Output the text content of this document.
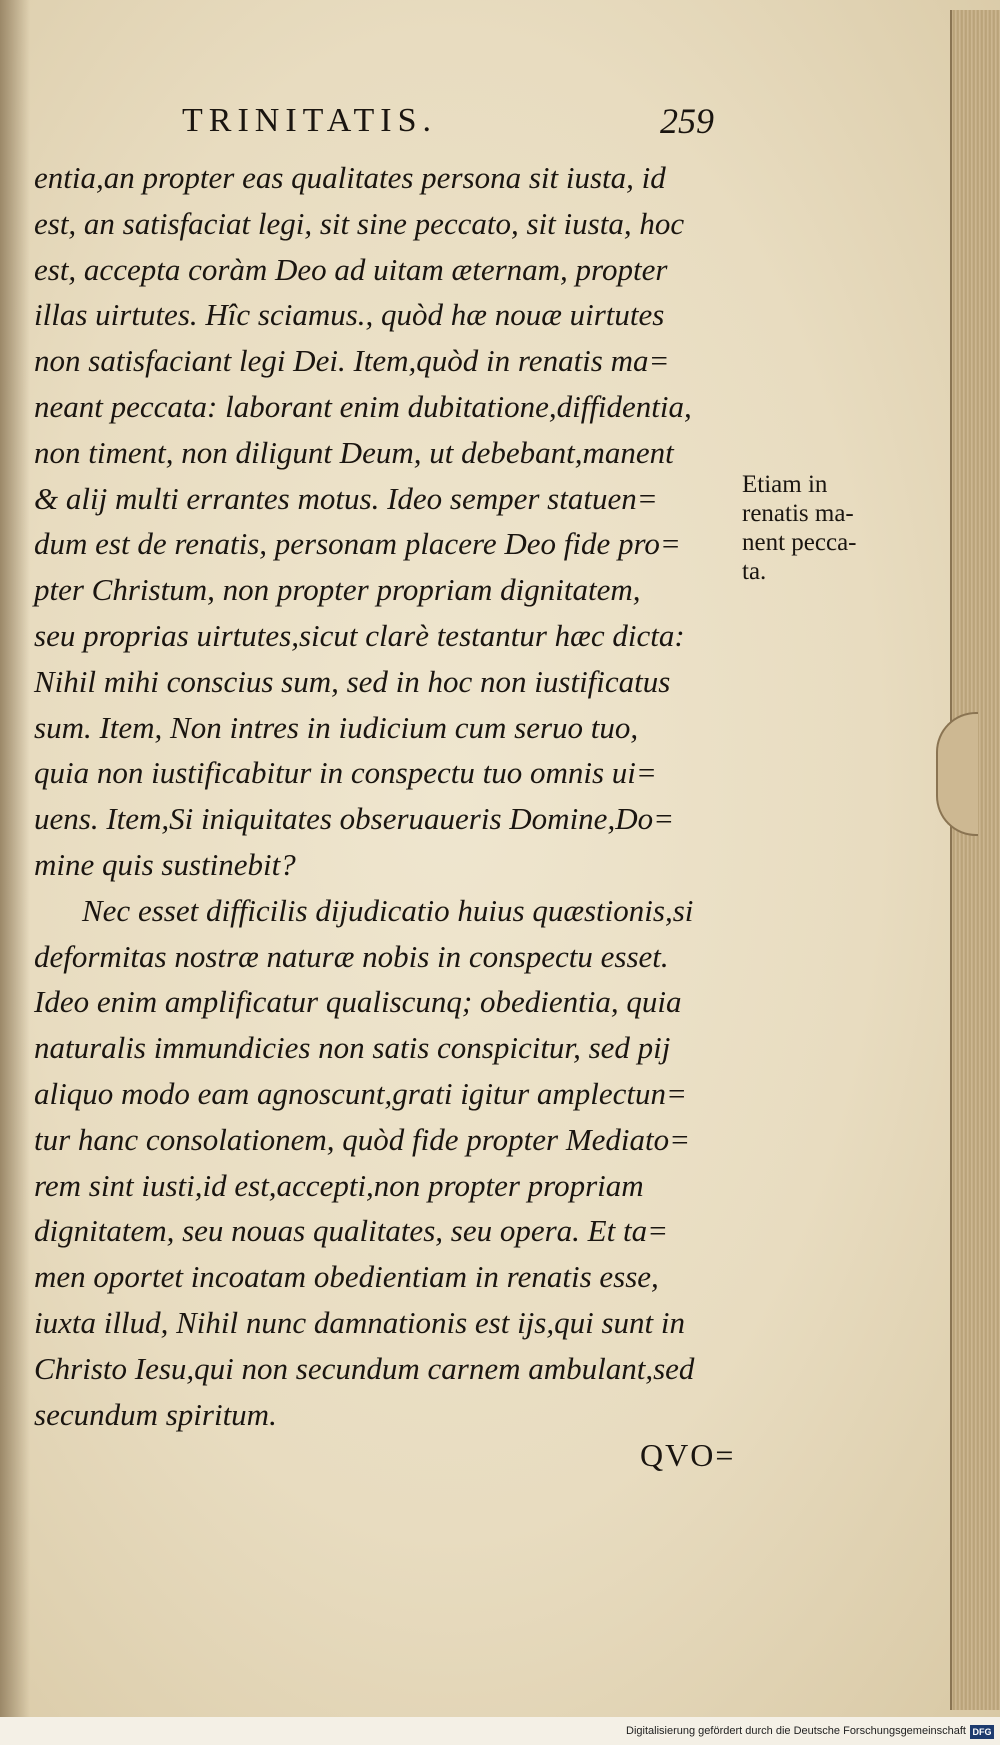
TRINITATIS.	259
entia,an propter eas qualitates persona sit iusta, id
est, an satisfaciat legi, sit sine peccato, sit iusta, hoc
est, accepta coràm Deo ad uitam æternam, propter
illas uirtutes. Hîc sciamus., quòd hæ nouæ uirtutes
non satisfaciant legi Dei. Item,quòd in renatis ma=
neant peccata: laborant enim dubitatione,diffidentia,
non timent, non diligunt Deum, ut debebant,manent
& alij multi errantes motus. Ideo semper statuen=
dum est de renatis, personam placere Deo fide pro=
pter Christum, non propter propriam dignitatem,
seu proprias uirtutes,sicut clarè testantur hæc dicta:
Nihil mihi conscius sum, sed in hoc non iustificatus
sum. Item, Non intres in iudicium cum seruo tuo,
quia non iustificabitur in conspectu tuo omnis ui=
uens. Item,Si iniquitates obseruaueris Domine,Do=
mine quis sustinebit?
Nec esset difficilis dijudicatio huius quæstionis,si
deformitas nostræ naturæ nobis in conspectu esset.
Ideo enim amplificatur qualiscunq; obedientia, quia
naturalis immundicies non satis conspicitur, sed pij
aliquo modo eam agnoscunt,grati igitur amplectun=
tur hanc consolationem, quòd fide propter Mediato=
rem sint iusti,id est,accepti,non propter propriam
dignitatem, seu nouas qualitates, seu opera. Et ta=
men oportet incoatam obedientiam in renatis esse,
iuxta illud, Nihil nunc damnationis est ijs,qui sunt in
Christo Iesu,qui non secundum carnem ambulant,sed
secundum spiritum.
Etiam in
renatis ma-
nent pecca-
ta.
QVO=
Digitalisierung gefördert durch die Deutsche Forschungsgemeinschaft DFG
